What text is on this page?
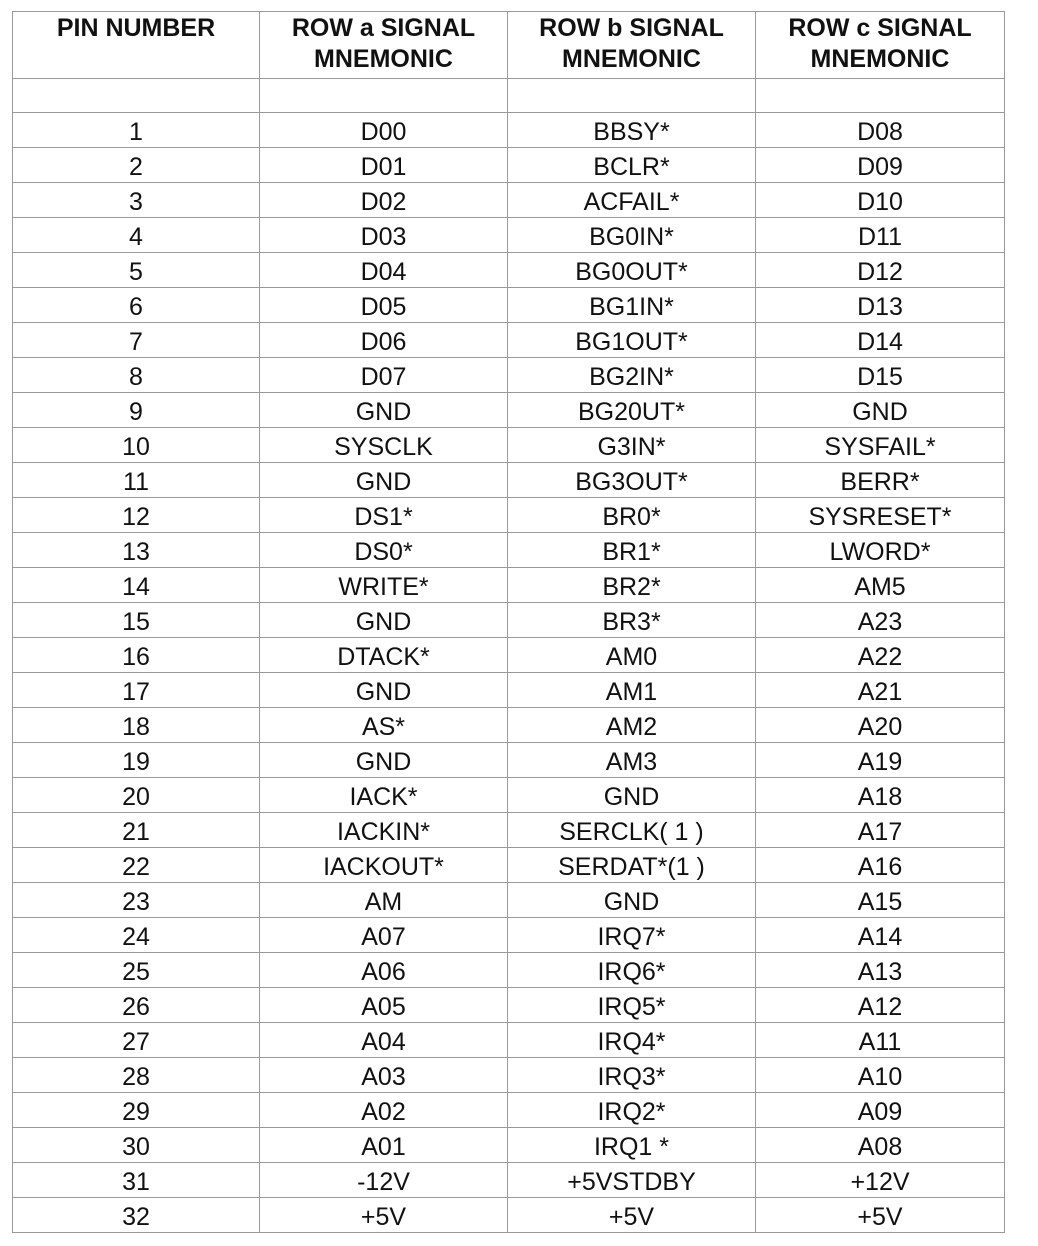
PIN NUMBER	ROW a SIGNAL MNEMONIC	ROW b SIGNAL MNEMONIC	ROW c SIGNAL MNEMONIC

1	D00	BBSY*	D08
2	D01	BCLR*	D09
3	D02	ACFAIL*	D10
4	D03	BG0IN*	D11
5	D04	BG0OUT*	D12
6	D05	BG1IN*	D13
7	D06	BG1OUT*	D14
8	D07	BG2IN*	D15
9	GND	BG20UT*	GND
10	SYSCLK	G3IN*	SYSFAIL*
11	GND	BG3OUT*	BERR*
12	DS1*	BR0*	SYSRESET*
13	DS0*	BR1*	LWORD*
14	WRITE*	BR2*	AM5
15	GND	BR3*	A23
16	DTACK*	AM0	A22
17	GND	AM1	A21
18	AS*	AM2	A20
19	GND	AM3	A19
20	IACK*	GND	A18
21	IACKIN*	SERCLK( 1 )	A17
22	IACKOUT*	SERDAT*(1 )	A16
23	AM	GND	A15
24	A07	IRQ7*	A14
25	A06	IRQ6*	A13
26	A05	IRQ5*	A12
27	A04	IRQ4*	A11
28	A03	IRQ3*	A10
29	A02	IRQ2*	A09
30	A01	IRQ1 *	A08
31	-12V	+5VSTDBY	+12V
32	+5V	+5V	+5V
